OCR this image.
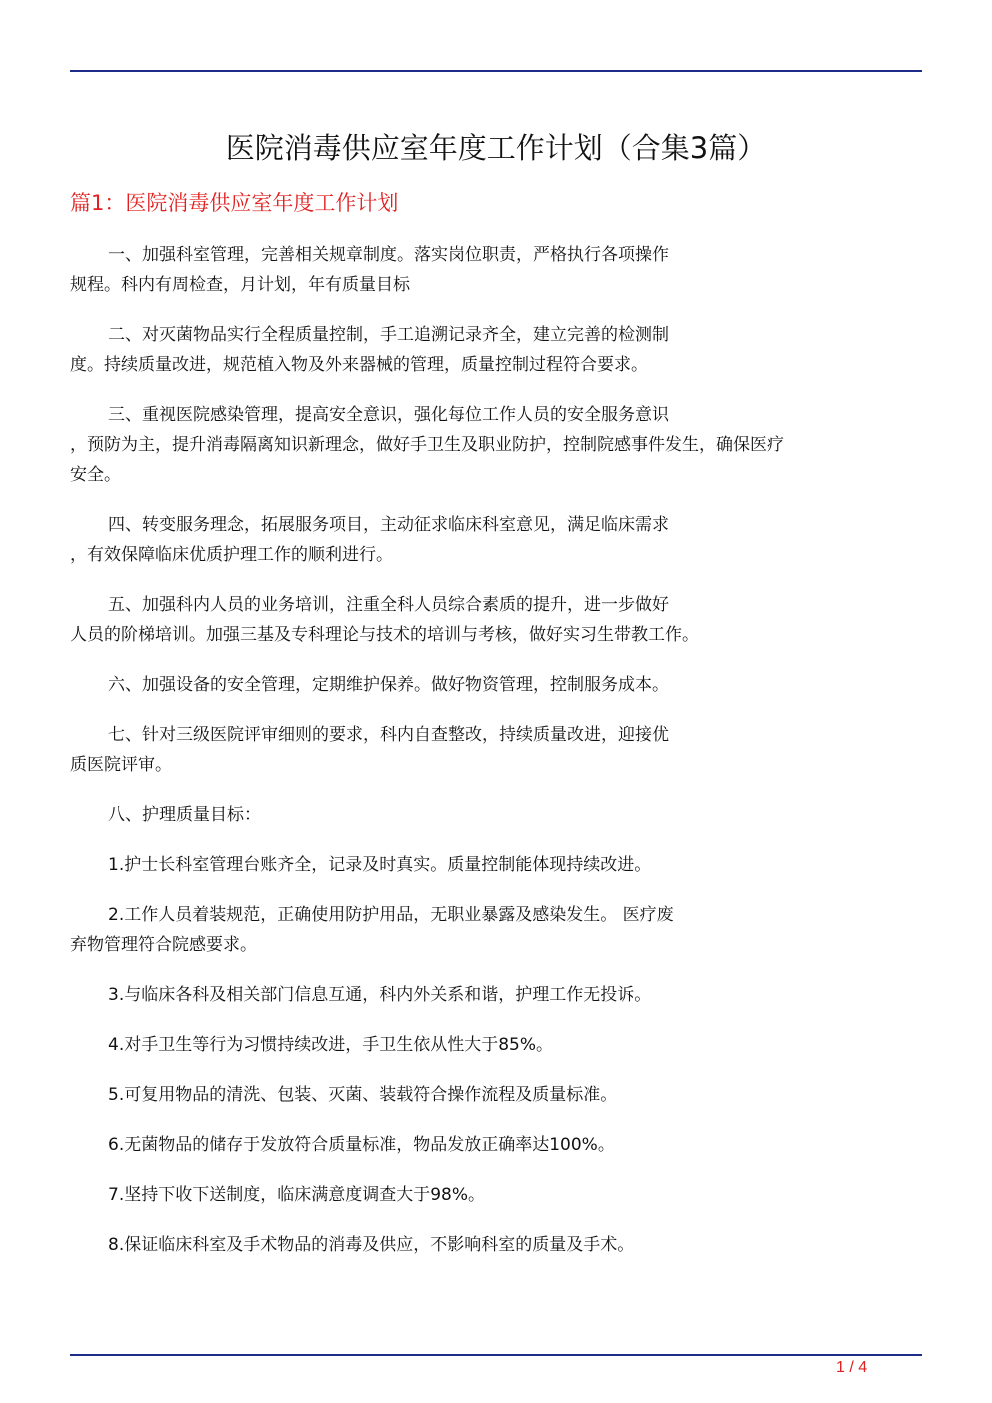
医院消毒供应室年度工作计划（合集3篇）
篇1：医院消毒供应室年度工作计划

一、加强科室管理，完善相关规章制度。落实岗位职责，严格执行各项操作
规程。科内有周检查，月计划，年有质量目标

二、对灭菌物品实行全程质量控制，手工追溯记录齐全，建立完善的检测制
度。持续质量改进，规范植入物及外来器械的管理，质量控制过程符合要求。

三、重视医院感染管理，提高安全意识，强化每位工作人员的安全服务意识
，预防为主，提升消毒隔离知识新理念，做好手卫生及职业防护，控制院感事件发生，确保医疗
安全。

四、转变服务理念，拓展服务项目，主动征求临床科室意见，满足临床需求
，有效保障临床优质护理工作的顺利进行。

五、加强科内人员的业务培训，注重全科人员综合素质的提升，进一步做好
人员的阶梯培训。加强三基及专科理论与技术的培训与考核，做好实习生带教工作。

六、加强设备的安全管理，定期维护保养。做好物资管理，控制服务成本。

七、针对三级医院评审细则的要求，科内自查整改，持续质量改进，迎接优
质医院评审。

八、护理质量目标：

1.护士长科室管理台账齐全，记录及时真实。质量控制能体现持续改进。

2.工作人员着装规范，正确使用防护用品，无职业暴露及感染发生。 医疗废
弃物管理符合院感要求。

3.与临床各科及相关部门信息互通，科内外关系和谐，护理工作无投诉。

4.对手卫生等行为习惯持续改进，手卫生依从性大于85%。

5.可复用物品的清洗、包装、灭菌、装载符合操作流程及质量标准。

6.无菌物品的储存于发放符合质量标准，物品发放正确率达100%。

7.坚持下收下送制度，临床满意度调查大于98%。

8.保证临床科室及手术物品的消毒及供应，不影响科室的质量及手术。

1 / 4
